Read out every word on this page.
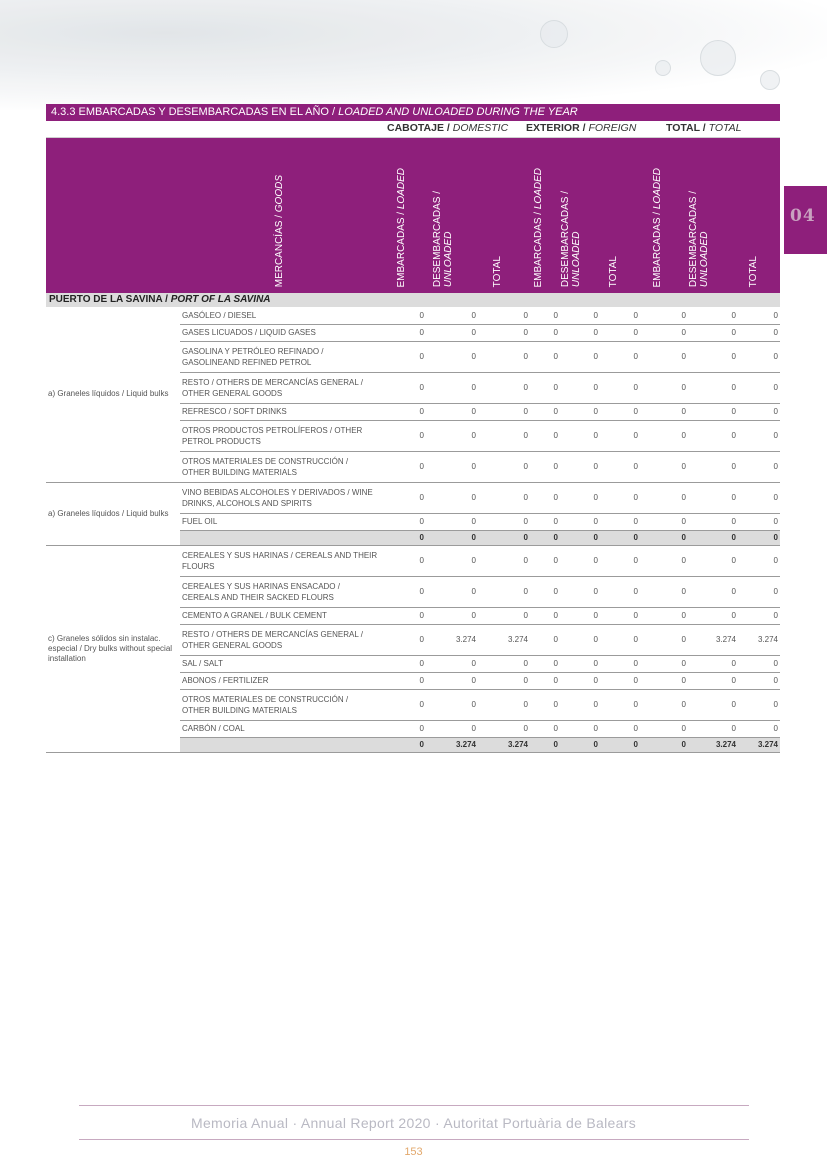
04
4.3.3 EMBARCADAS Y DESEMBARCADAS EN EL AÑO / LOADED AND UNLOADED DURING THE YEAR
CABOTAJE / DOMESTIC EXTERIOR / FOREIGN	TOTAL / TOTAL
MERCANCÍAS / GOODS
EMBARCADAS / LOADED
DESEMBARCADAS /
UNLOADED	TOTAL	EMBARCADAS / LOADED
DESEMBARCADAS /
UNLOADED	TOTAL	EMBARCADAS / LOADED
DESEMBARCADAS /
UNLOADED	TOTAL
PUERTO DE LA SAVINA / PORT OF LA SAVINA
a) Graneles líquidos / Liquid bulks	GASÓLEO / DIESEL	0	0	0	0	0	0	0	0	0
	GASES LICUADOS / LIQUID GASES	0	0	0	0	0	0	0	0	0
	GASOLINA Y PETRÓLEO REFINADO / GASOLINEAND REFINED PETROL	0	0	0	0	0	0	0	0	0
	RESTO / OTHERS DE MERCANCÍAS GENERAL / OTHER GENERAL GOODS	0	0	0	0	0	0	0	0	0
	REFRESCO / SOFT DRINKS	0	0	0	0	0	0	0	0	0
	OTROS PRODUCTOS PETROLÍFEROS / OTHER PETROL PRODUCTS	0	0	0	0	0	0	0	0	0
	OTROS MATERIALES DE CONSTRUCCIÓN / OTHER BUILDING MATERIALS	0	0	0	0	0	0	0	0	0
a) Graneles líquidos / Liquid bulks	VINO BEBIDAS ALCOHOLES Y DERIVADOS / WINE DRINKS, ALCOHOLS AND SPIRITS	0	0	0	0	0	0	0	0	0
	FUEL OIL	0	0	0	0	0	0	0	0	0
		0	0	0	0	0	0	0	0	0
c) Graneles sólidos sin instalac. especial / Dry bulks without special installation	CEREALES Y SUS HARINAS / CEREALS AND THEIR FLOURS	0	0	0	0	0	0	0	0	0
	CEREALES Y SUS HARINAS ENSACADO / CEREALS AND THEIR SACKED FLOURS	0	0	0	0	0	0	0	0	0
	CEMENTO A GRANEL / BULK CEMENT	0	0	0	0	0	0	0	0	0
	RESTO / OTHERS DE MERCANCÍAS GENERAL / OTHER GENERAL GOODS	0	3.274	3.274	0	0	0	0	3.274	3.274
	SAL / SALT	0	0	0	0	0	0	0	0	0
	ABONOS / FERTILIZER	0	0	0	0	0	0	0	0	0
	OTROS MATERIALES DE CONSTRUCCIÓN / OTHER BUILDING MATERIALS	0	0	0	0	0	0	0	0	0
	CARBÓN / COAL	0	0	0	0	0	0	0	0	0
		0	3.274	3.274	0	0	0	0	3.274	3.274
Memoria Anual · Annual Report 2020 · Autoritat Portuària de Balears
153
